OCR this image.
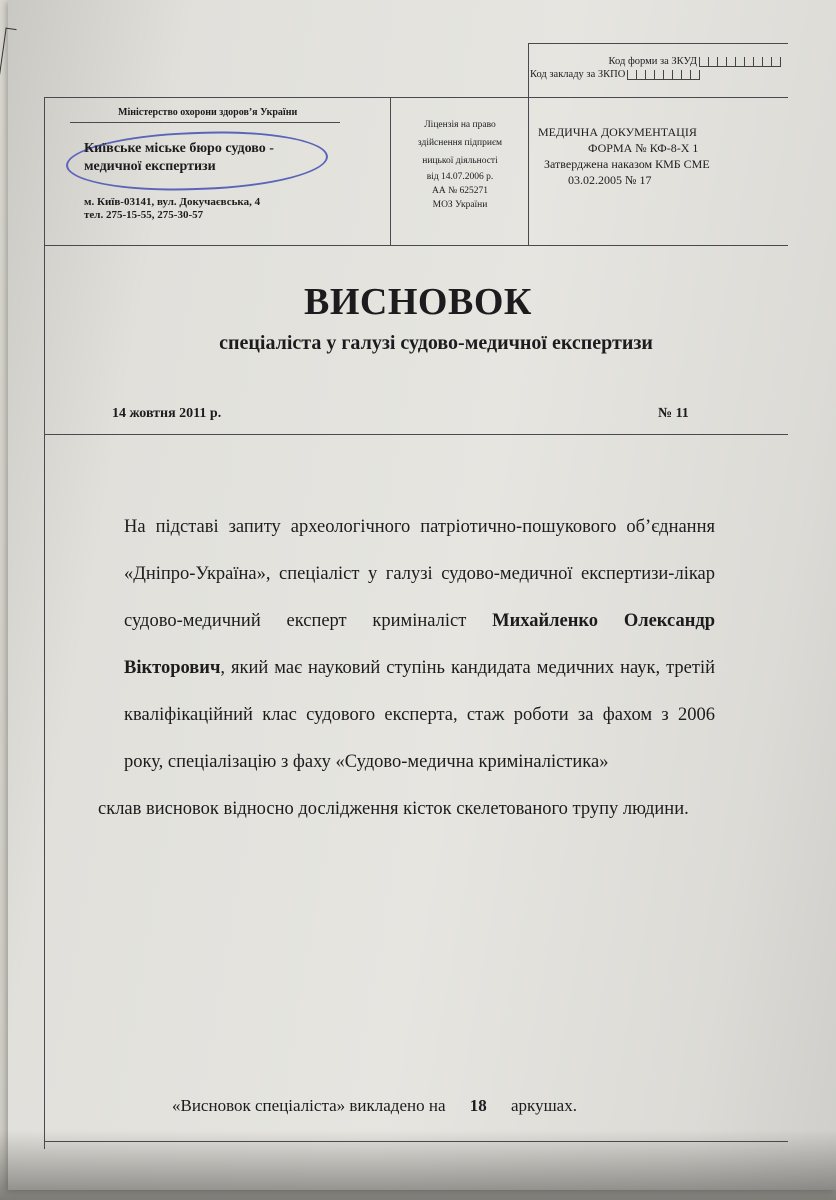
Код форми за ЗКУД
Код закладу за ЗКПО
Міністерство охорони здоров’я України
Київське міське бюро судово -
медичної експертизи
м. Київ-03141, вул. Докучаєвська, 4
тел. 275-15-55, 275-30-57
Ліцензія на право
здійснення підприєм
ницької діяльності
від 14.07.2006 р.
АА № 625271
МОЗ України
МЕДИЧНА ДОКУМЕНТАЦІЯ
ФОРМА № КФ-8-Х 1
Затверджена наказом КМБ СМЕ
03.02.2005 № 17
ВИСНОВОК
спеціаліста у галузі судово-медичної експертизи
14 жовтня 2011 р.	№ 11

На підставі запиту археологічного патріотично-пошукового об’єднання «Дніпро-Україна», спеціаліст у галузі судово-медичної експертизи-лікар судово-медичний експерт криміналіст Михайленко Олександр Вікторович, який має науковий ступінь кандидата медичних наук, третій кваліфікаційний клас судового експерта, стаж роботи за фахом з 2006 року, спеціалізацію з фаху «Судово-медична криміналістика»

склав висновок відносно дослідження кісток скелетованого трупу людини.

«Висновок спеціаліста» викладено на 18 аркушах.
